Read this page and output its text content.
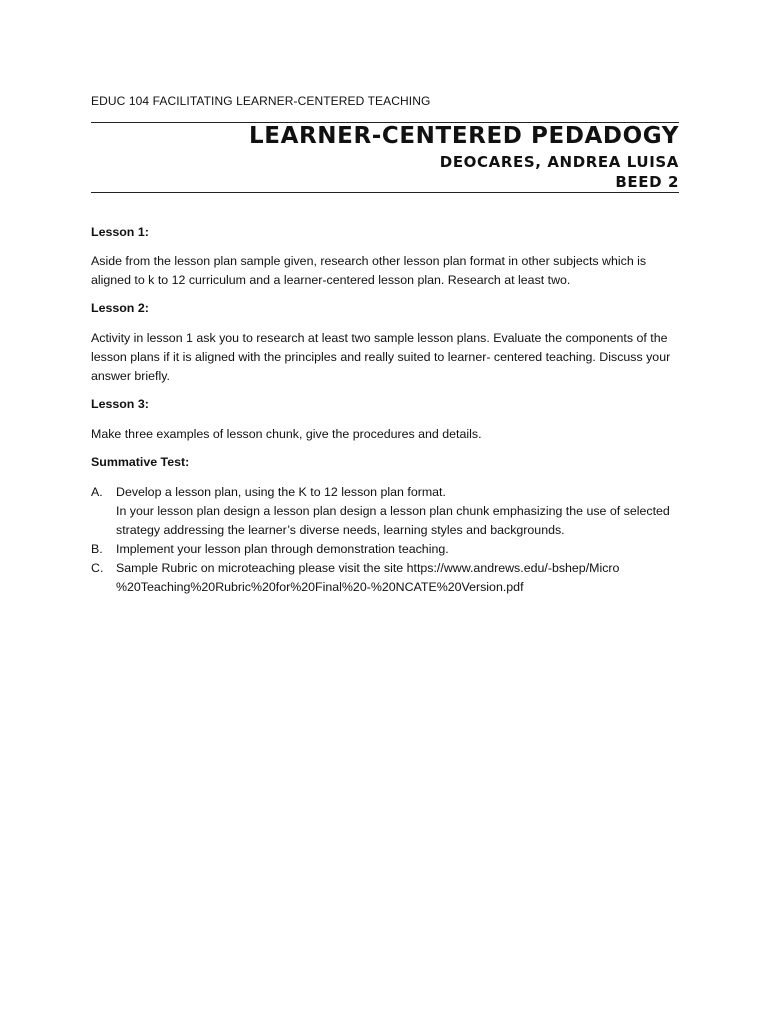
EDUC 104 FACILITATING LEARNER-CENTERED TEACHING
LEARNER-CENTERED PEDADOGY
DEOCARES, ANDREA LUISA
BEED 2
Lesson 1:
Aside from the lesson plan sample given, research other lesson plan format in other subjects which is aligned to k to 12 curriculum and a learner-centered lesson plan. Research at least two.
Lesson 2:
Activity in lesson 1 ask you to research at least two sample lesson plans. Evaluate the components of the lesson plans if it is aligned with the principles and really suited to learner- centered teaching. Discuss your answer briefly.
Lesson 3:
Make three examples of lesson chunk, give the procedures and details.
Summative Test:
A.	Develop a lesson plan, using the K to 12 lesson plan format.
In your lesson plan design a lesson plan design a lesson plan chunk emphasizing the use of selected strategy addressing the learner’s diverse needs, learning styles and backgrounds.
B.	Implement your lesson plan through demonstration teaching.
C.	Sample Rubric on microteaching please visit the site https://www.andrews.edu/-bshep/Micro
%20Teaching%20Rubric%20for%20Final%20-%20NCATE%20Version.pdf
